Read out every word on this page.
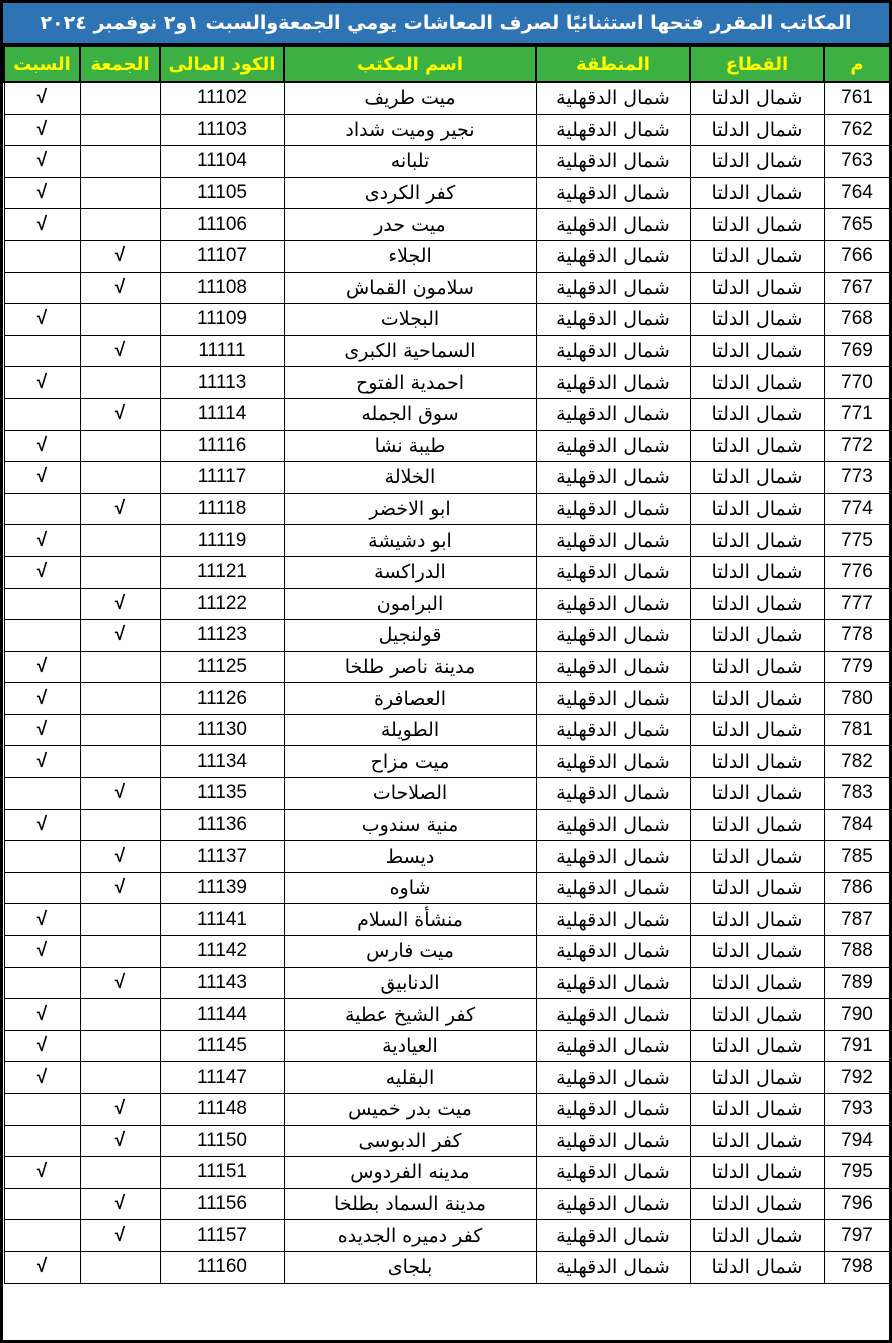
المكاتب المقرر فتحها استثنائيًا لصرف المعاشات يومي الجمعةوالسبت ١و٢ نوفمبر ٢٠٢٤
م	القطاع	المنطقة	اسم المكتب	الكود المالى	الجمعة	السبت
761	شمال الدلتا	شمال الدقهلية	ميت طريف	11102		√
762	شمال الدلتا	شمال الدقهلية	نجير وميت شداد	11103		√
763	شمال الدلتا	شمال الدقهلية	تلبانه	11104		√
764	شمال الدلتا	شمال الدقهلية	كفر الكردى	11105		√
765	شمال الدلتا	شمال الدقهلية	ميت حدر	11106		√
766	شمال الدلتا	شمال الدقهلية	الجلاء	11107	√	
767	شمال الدلتا	شمال الدقهلية	سلامون القماش	11108	√	
768	شمال الدلتا	شمال الدقهلية	البجلات	11109		√
769	شمال الدلتا	شمال الدقهلية	السماحية الكبرى	11111	√	
770	شمال الدلتا	شمال الدقهلية	احمدية الفتوح	11113		√
771	شمال الدلتا	شمال الدقهلية	سوق الجمله	11114	√	
772	شمال الدلتا	شمال الدقهلية	طيبة نشا	11116		√
773	شمال الدلتا	شمال الدقهلية	الخلالة	11117		√
774	شمال الدلتا	شمال الدقهلية	ابو الاخضر	11118	√	
775	شمال الدلتا	شمال الدقهلية	ابو دشيشة	11119		√
776	شمال الدلتا	شمال الدقهلية	الدراكسة	11121		√
777	شمال الدلتا	شمال الدقهلية	البرامون	11122	√	
778	شمال الدلتا	شمال الدقهلية	قولنجيل	11123	√	
779	شمال الدلتا	شمال الدقهلية	مدينة ناصر طلخا	11125		√
780	شمال الدلتا	شمال الدقهلية	العصافرة	11126		√
781	شمال الدلتا	شمال الدقهلية	الطويلة	11130		√
782	شمال الدلتا	شمال الدقهلية	ميت مزاح	11134		√
783	شمال الدلتا	شمال الدقهلية	الصلاحات	11135	√	
784	شمال الدلتا	شمال الدقهلية	منية سندوب	11136		√
785	شمال الدلتا	شمال الدقهلية	ديسط	11137	√	
786	شمال الدلتا	شمال الدقهلية	شاوه	11139	√	
787	شمال الدلتا	شمال الدقهلية	منشأة السلام	11141		√
788	شمال الدلتا	شمال الدقهلية	ميت فارس	11142		√
789	شمال الدلتا	شمال الدقهلية	الدنابيق	11143	√	
790	شمال الدلتا	شمال الدقهلية	كفر الشيخ عطية	11144		√
791	شمال الدلتا	شمال الدقهلية	العيادية	11145		√
792	شمال الدلتا	شمال الدقهلية	البقليه	11147		√
793	شمال الدلتا	شمال الدقهلية	ميت بدر خميس	11148	√	
794	شمال الدلتا	شمال الدقهلية	كفر الدبوسى	11150	√	
795	شمال الدلتا	شمال الدقهلية	مدينه الفردوس	11151		√
796	شمال الدلتا	شمال الدقهلية	مدينة السماد بطلخا	11156	√	
797	شمال الدلتا	شمال الدقهلية	كفر دميره الجديده	11157	√	
798	شمال الدلتا	شمال الدقهلية	بلجاى	11160		√
